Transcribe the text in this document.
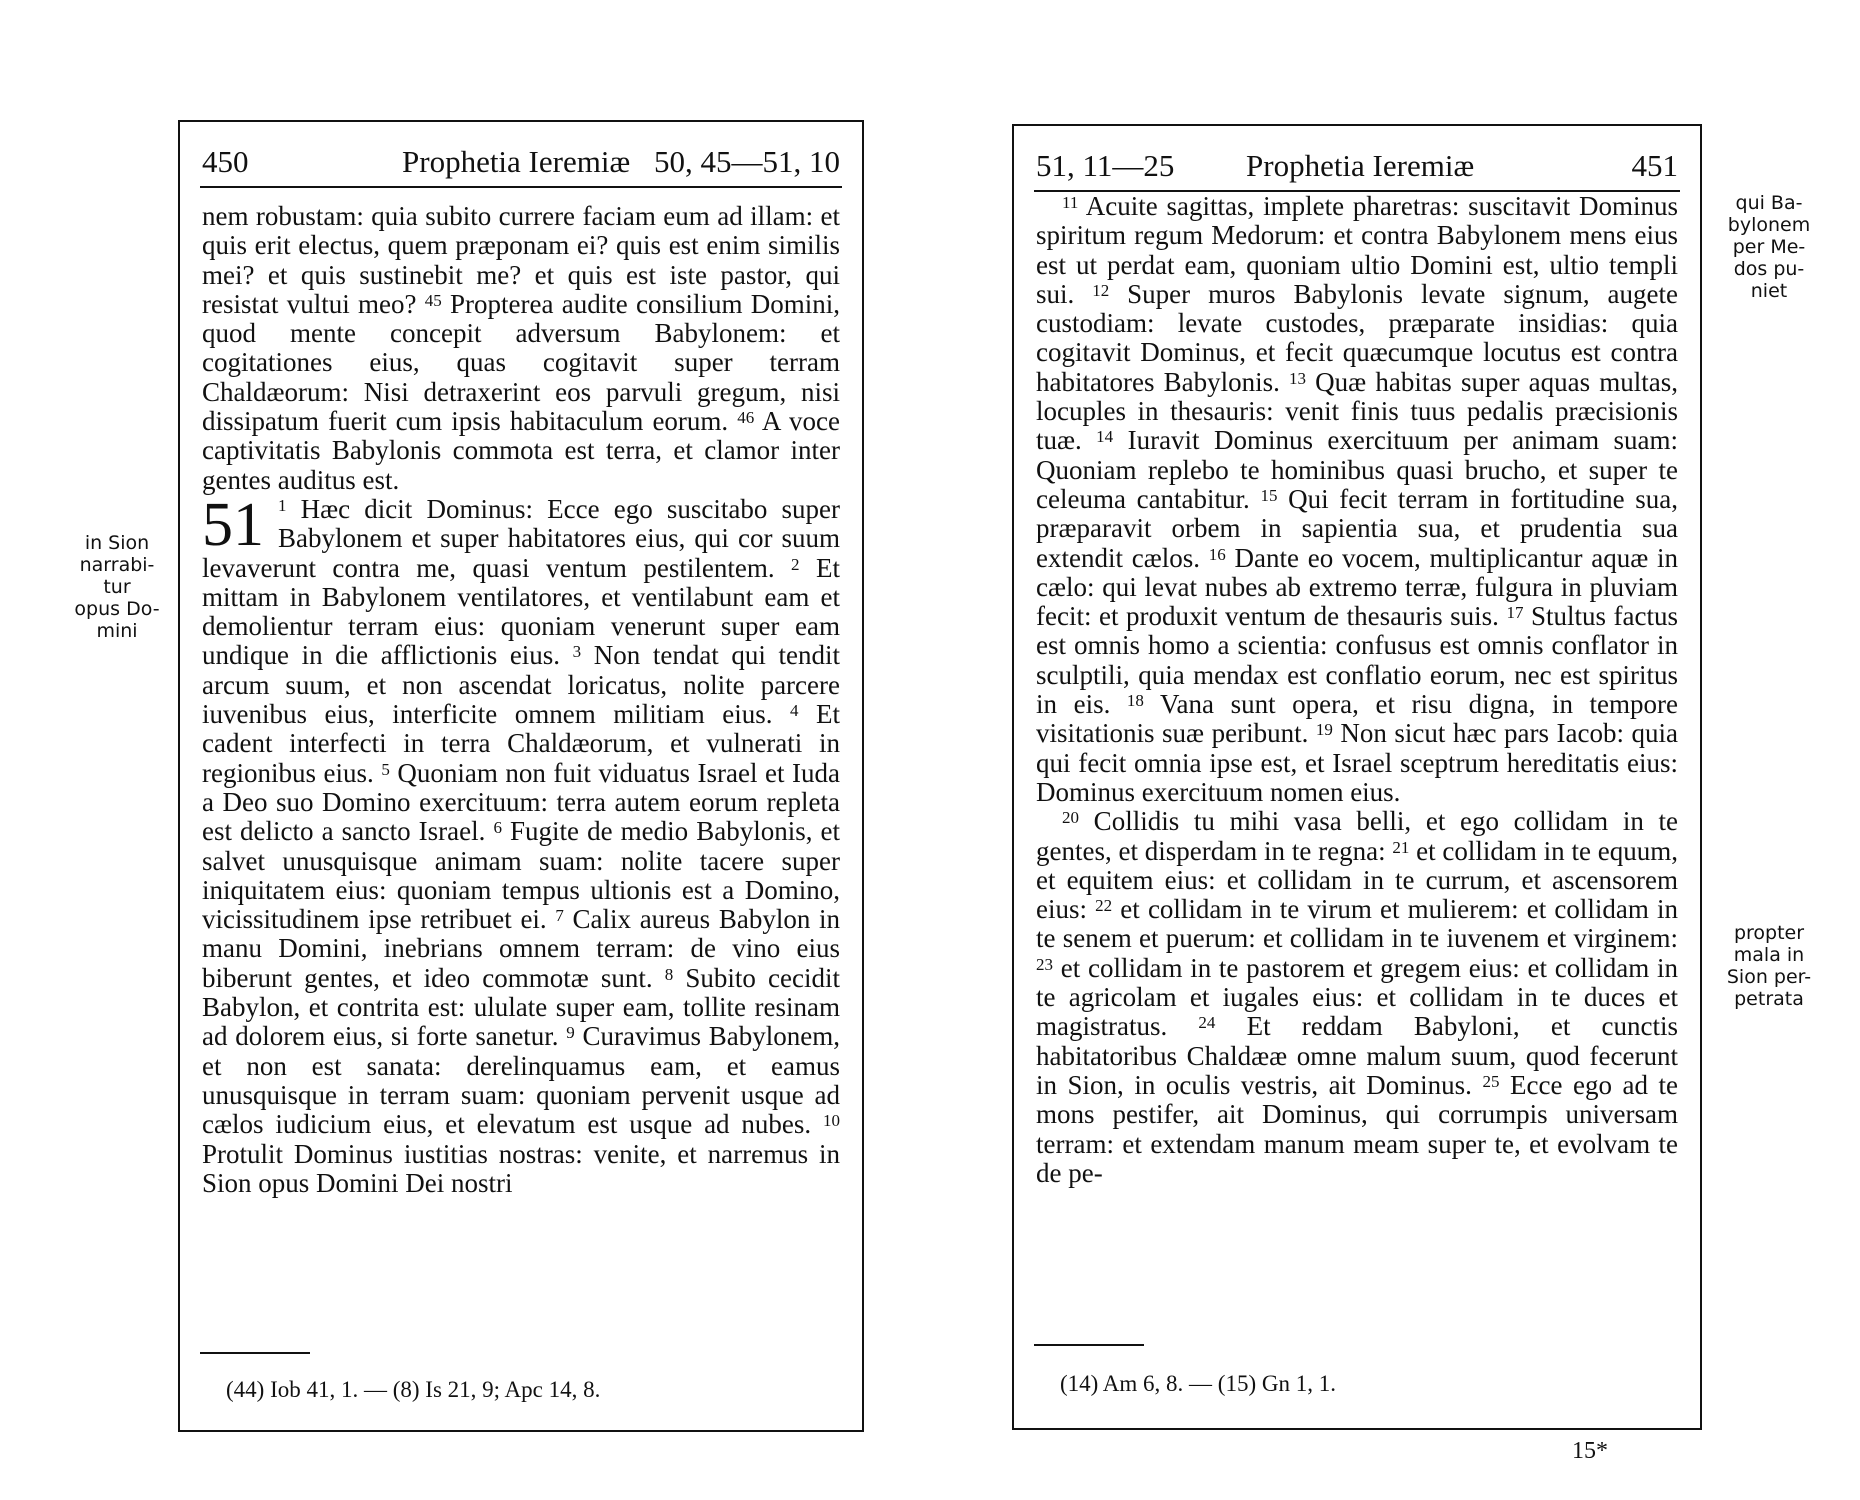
450	Prophetia Ieremiæ 50, 45—51, 10

nem robustam: quia subito currere faciam eum ad illam: et quis erit electus, quem præponam ei? quis est enim similis mei? et quis sustinebit me? et quis est iste pastor, qui resistat vultui meo? $^{45}$ Propterea audite consilium Domini, quod mente concepit adversum Babylonem: et cogitationes eius, quas cogitavit super terram Chaldæorum: Nisi detraxerint eos parvuli gregum, nisi dissipatum fuerit cum ipsis habitaculum eorum. $^{46}$ A voce captivitatis Babylonis commota est terra, et clamor inter gentes auditus est.

51 $^1$ Hæc dicit Dominus: Ecce ego suscitabo super Babylonem et super habitatores eius, qui cor suum levaverunt contra me, quasi ventum pestilentem. $^2$ Et mittam in Babylonem ventilatores, et ventilabunt eam et demolientur terram eius: quoniam venerunt super eam undique in die afflictionis eius. $^3$ Non tendat qui tendit arcum suum, et non ascendat loricatus, nolite parcere iuvenibus eius, interficite omnem militiam eius. $^4$ Et cadent interfecti in terra Chaldæorum, et vulnerati in regionibus eius. $^5$ Quoniam non fuit viduatus Israel et Iuda a Deo suo Domino exercituum: terra autem eorum repleta est delicto a sancto Israel. $^6$ Fugite de medio Babylonis, et salvet unusquisque animam suam: nolite tacere super iniquitatem eius: quoniam tempus ultionis est a Domino, vicissitudinem ipse retribuet ei. $^7$ Calix aureus Babylon in manu Domini, inebrians omnem terram: de vino eius biberunt gentes, et ideo commotæ sunt. $^8$ Subito cecidit Babylon, et contrita est: ululate super eam, tollite resinam ad dolorem eius, si forte sanetur. $^9$ Curavimus Babylonem, et non est sanata: derelinquamus eam, et eamus unusquisque in terram suam: quoniam pervenit usque ad cælos iudicium eius, et elevatum est usque ad nubes. $^{10}$ Protulit Dominus iustitias nostras: venite, et narremus in Sion opus Domini Dei nostri

(44) Iob 41, 1. — (8) Is 21, 9; Apc 14, 8.
51, 11—25 Prophetia Ieremiæ	451

$^{11}$ Acuite sagittas, implete pharetras: suscitavit Dominus spiritum regum Medorum: et contra Babylonem mens eius est ut perdat eam, quoniam ultio Domini est, ultio templi sui. $^{12}$ Super muros Babylonis levate signum, augete custodiam: levate custodes, præparate insidias: quia cogitavit Dominus, et fecit quæcumque locutus est contra habitatores Babylonis. $^{13}$ Quæ habitas super aquas multas, locuples in thesauris: venit finis tuus pedalis præcisionis tuæ. $^{14}$ Iuravit Dominus exercituum per animam suam: Quoniam replebo te hominibus quasi brucho, et super te celeuma cantabitur. $^{15}$ Qui fecit terram in fortitudine sua, præparavit orbem in sapientia sua, et prudentia sua extendit cælos. $^{16}$ Dante eo vocem, multiplicantur aquæ in cælo: qui levat nubes ab extremo terræ, fulgura in pluviam fecit: et produxit ventum de thesauris suis. $^{17}$ Stultus factus est omnis homo a scientia: confusus est omnis conflator in sculptili, quia mendax est conflatio eorum, nec est spiritus in eis. $^{18}$ Vana sunt opera, et risu digna, in tempore visitationis suæ peribunt. $^{19}$ Non sicut hæc pars Iacob: quia qui fecit omnia ipse est, et Israel sceptrum hereditatis eius: Dominus exercituum nomen eius.

$^{20}$ Collidis tu mihi vasa belli, et ego collidam in te gentes, et disperdam in te regna: $^{21}$ et collidam in te equum, et equitem eius: et collidam in te currum, et ascensorem eius: $^{22}$ et collidam in te virum et mulierem: et collidam in te senem et puerum: et collidam in te iuvenem et virginem: $^{23}$ et collidam in te pastorem et gregem eius: et collidam in te agricolam et iugales eius: et collidam in te duces et magistratus. $^{24}$ Et reddam Babyloni, et cunctis habitatoribus Chaldææ omne malum suum, quod fecerunt in Sion, in oculis vestris, ait Dominus. $^{25}$ Ecce ego ad te mons pestifer, ait Dominus, qui corrumpis universam terram: et extendam manum meam super te, et evolvam te de pe-

(14) Am 6, 8. — (15) Gn 1, 1.
in Sion
narrabi-
tur
opus Do-
mini
qui Ba-
bylonem
per Me-
dos pu-
niet
propter
mala in
Sion per-
petrata
15*
